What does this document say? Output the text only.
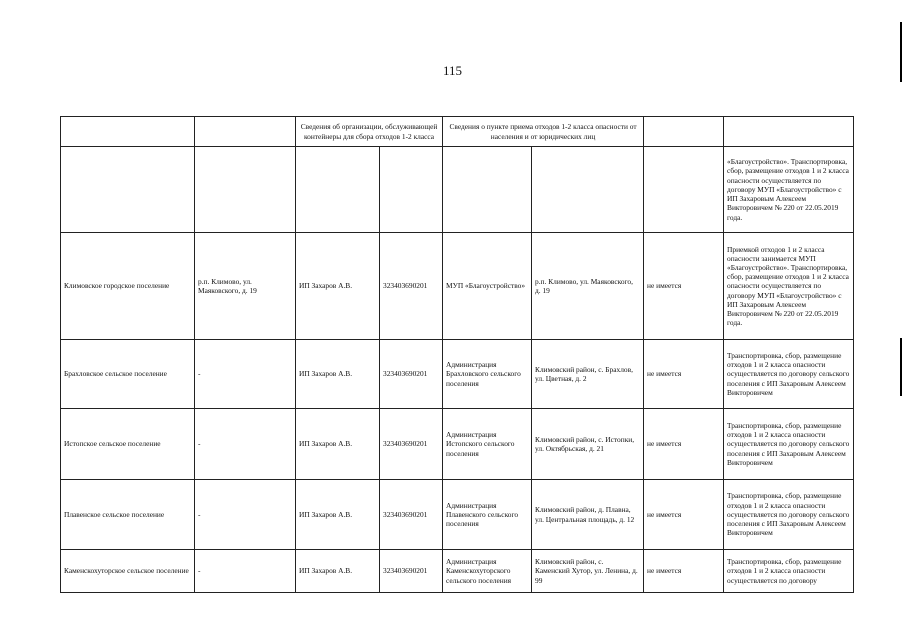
115
		Сведения об организации, обслуживающей контейнеры для сбора отходов 1-2 класса		Сведения о пункте приема отходов 1-2 класса опасности от населения и от юридических лиц			
							«Благоустройство». Транспортировка, сбор, размещение отходов 1 и 2 класса опасности осуществляется по договору МУП «Благоустройство» с ИП Захаровым Алексеем Викторовичем № 220 от 22.05.2019 года.
Климовское городское поселение	р.п. Климово, ул. Маяковского, д. 19	ИП Захаров А.В.	323403690201	МУП «Благоустройство»	р.п. Климово, ул. Маяковского, д. 19	не имеется	Приемкой отходов 1 и 2 класса опасности занимается МУП «Благоустройство». Транспортировка, сбор, размещение отходов 1 и 2 класса опасности осуществляется по договору МУП «Благоустройство» с ИП Захаровым Алексеем Викторовичем № 220 от 22.05.2019 года.
Брахловское сельское поселение	-	ИП Захаров А.В.	323403690201	Администрация Брахловского сельского поселения	Климовский район, с. Брахлов, ул. Цветная, д. 2	не имеется	Транспортировка, сбор, размещение отходов 1 и 2 класса опасности осуществляется по договору сельского поселения с ИП Захаровым Алексеем Викторовичем
Истопское сельское поселение	-	ИП Захаров А.В.	323403690201	Администрация Истопского сельского поселения	Климовский район, с. Истопки, ул. Октябрьская, д. 21	не имеется	Транспортировка, сбор, размещение отходов 1 и 2 класса опасности осуществляется по договору сельского поселения с ИП Захаровым Алексеем Викторовичем
Плавенское сельское поселение	-	ИП Захаров А.В.	323403690201	Администрация Плавенского сельского поселения	Климовский район, д. Плавна, ул. Центральная площадь, д. 12	не имеется	Транспортировка, сбор, размещение отходов 1 и 2 класса опасности осуществляется по договору сельского поселения с ИП Захаровым Алексеем Викторовичем
Каменскохуторское сельское поселение	-	ИП Захаров А.В.	323403690201	Администрация Каменскохуторского сельского поселения	Климовский район, с. Каменский Хутор, ул. Ленина, д. 99	не имеется	Транспортировка, сбор, размещение отходов 1 и 2 класса опасности осуществляется по договору
